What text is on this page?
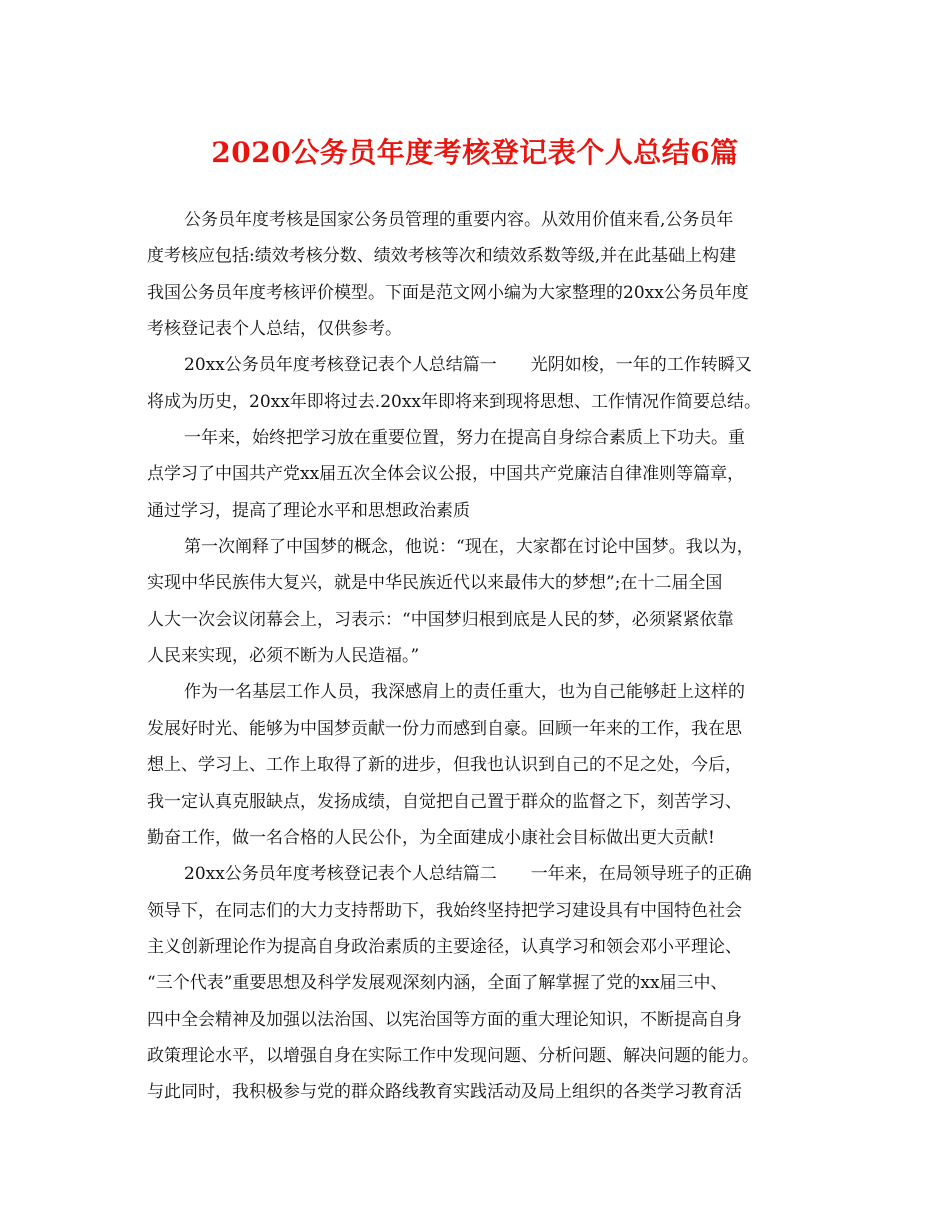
2020公务员年度考核登记表个人总结6篇
公务员年度考核是国家公务员管理的重要内容。从效用价值来看,公务员年
度考核应包括:绩效考核分数、绩效考核等次和绩效系数等级,并在此基础上构建
我国公务员年度考核评价模型。下面是范文网小编为大家整理的20xx公务员年度
考核登记表个人总结，仅供参考。
20xx公务员年度考核登记表个人总结篇一　　光阴如梭，一年的工作转瞬又
将成为历史，20xx年即将过去.20xx年即将来到现将思想、工作情况作简要总结。
一年来，始终把学习放在重要位置，努力在提高自身综合素质上下功夫。重
点学习了中国共产党xx届五次全体会议公报，中国共产党廉洁自律准则等篇章，
通过学习，提高了理论水平和思想政治素质
第一次阐释了中国梦的概念，他说：“现在，大家都在讨论中国梦。我以为，
实现中华民族伟大复兴，就是中华民族近代以来最伟大的梦想”;在十二届全国
人大一次会议闭幕会上，习表示：“中国梦归根到底是人民的梦，必须紧紧依靠
人民来实现，必须不断为人民造福。”
作为一名基层工作人员，我深感肩上的责任重大，也为自己能够赶上这样的
发展好时光、能够为中国梦贡献一份力而感到自豪。回顾一年来的工作，我在思
想上、学习上、工作上取得了新的进步，但我也认识到自己的不足之处，今后，
我一定认真克服缺点，发扬成绩，自觉把自己置于群众的监督之下，刻苦学习、
勤奋工作，做一名合格的人民公仆，为全面建成小康社会目标做出更大贡献!
20xx公务员年度考核登记表个人总结篇二　　一年来，在局领导班子的正确
领导下，在同志们的大力支持帮助下，我始终坚持把学习建设具有中国特色社会
主义创新理论作为提高自身政治素质的主要途径，认真学习和领会邓小平理论、
“三个代表”重要思想及科学发展观深刻内涵，全面了解掌握了党的xx届三中、
四中全会精神及加强以法治国、以宪治国等方面的重大理论知识，不断提高自身
政策理论水平，以增强自身在实际工作中发现问题、分析问题、解决问题的能力。
与此同时，我积极参与党的群众路线教育实践活动及局上组织的各类学习教育活
